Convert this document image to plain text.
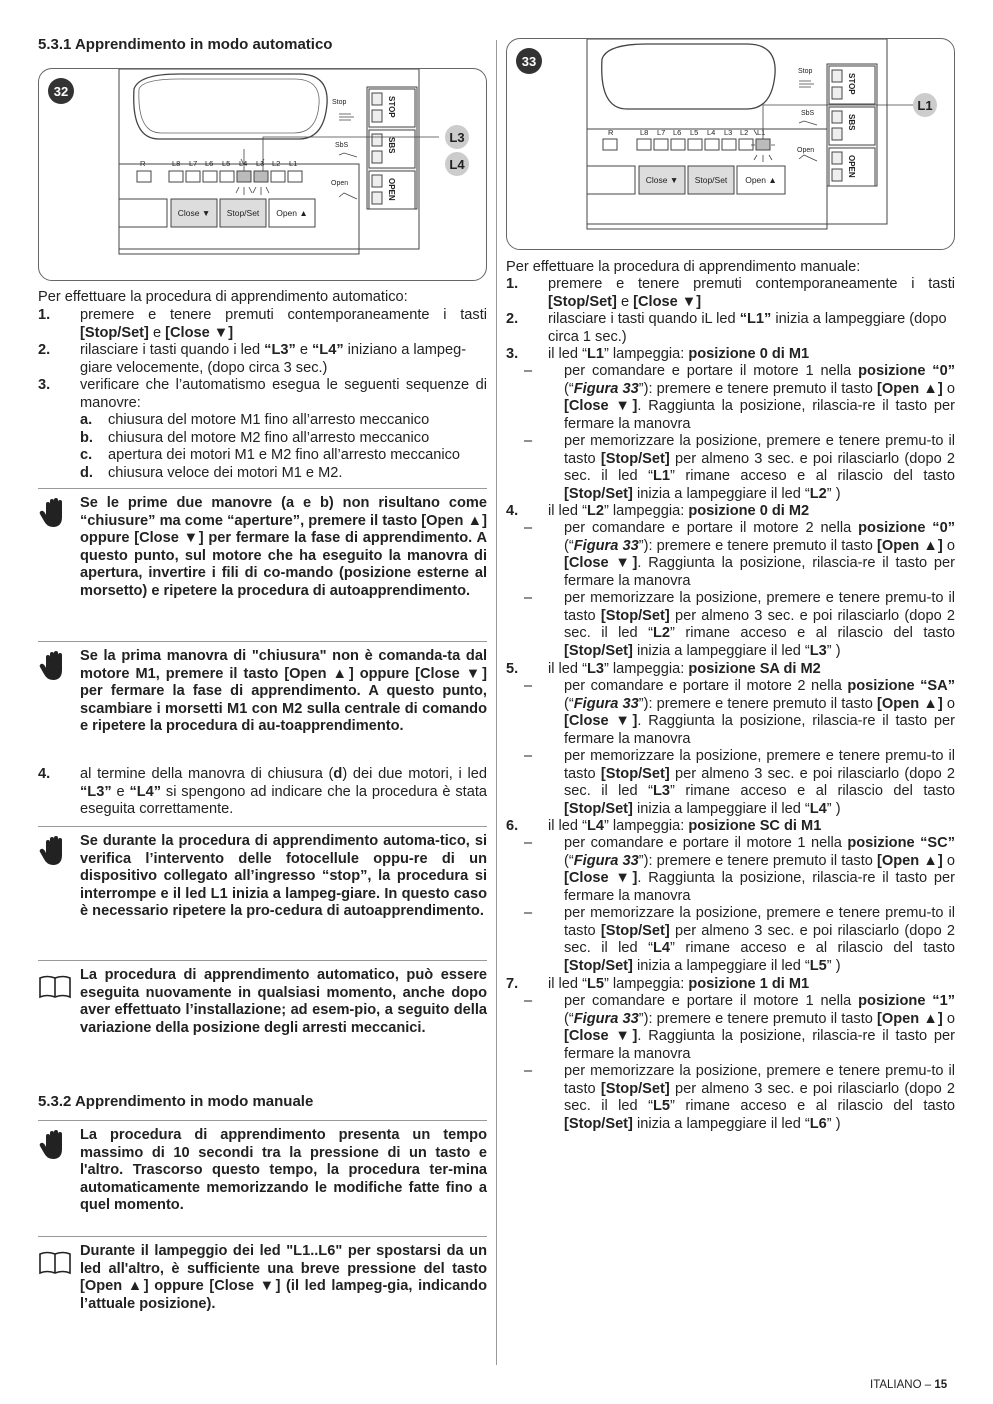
5.3.1 Apprendimento in modo automatico
Stop
SbS
Open
STOP
SBS
OPEN
R	L8 L7 L6 L5 L4 L3 L2 L1
Close ▼ Stop/Set Open ▲
32
L3
L4
Per effettuare la procedura di apprendimento automatico:
1. premere e tenere premuti contemporaneamente i tasti [Stop/Set] e [Close ▼]
2. rilasciare i tasti quando i led “L3” e “L4” iniziano a lampeg-giare velocemente, (dopo circa 3 sec.)
3. verificare che l’automatismo esegua le seguenti sequenze di manovre:
a. chiusura del motore M1 fino all’arresto meccanico
b. chiusura del motore M2 fino all’arresto meccanico
c. apertura dei motori M1 e M2 fino all’arresto meccanico
d. chiusura veloce dei motori M1 e M2.
Se le prime due manovre (a e b) non risultano come “chiusure” ma come “aperture”, premere il tasto [Open ▲] oppure [Close ▼] per fermare la fase di apprendimento. A questo punto, sul motore che ha eseguito la manovra di apertura, invertire i fili di co-mando (posizione esterne al morsetto) e ripetere la procedura di autoapprendimento.
Se la prima manovra di "chiusura" non è comanda-ta dal motore M1, premere il tasto [Open ▲] oppure [Close ▼] per fermare la fase di apprendimento. A questo punto, scambiare i morsetti M1 con M2 sulla centrale di comando e ripetere la procedura di au-toapprendimento.
4. al termine della manovra di chiusura (d) dei due motori, i led “L3” e “L4” si spengono ad indicare che la procedura è stata eseguita correttamente.
Se durante la procedura di apprendimento automa-tico, si verifica l’intervento delle fotocellule oppu-re di un dispositivo collegato all’ingresso “stop”, la procedura si interrompe e il led L1 inizia a lampeg-giare. In questo caso è necessario ripetere la pro-cedura di autoapprendimento.
La procedura di apprendimento automatico, può essere eseguita nuovamente in qualsiasi momento, anche dopo aver effettuato l’installazione; ad esem-pio, a seguito della variazione della posizione degli arresti meccanici.
5.3.2 Apprendimento in modo manuale
La procedura di apprendimento presenta un tempo massimo di 10 secondi tra la pressione di un tasto e l'altro. Trascorso questo tempo, la procedura ter-mina automaticamente memorizzando le modifiche fatte fino a quel momento.
Durante il lampeggio dei led "L1..L6" per spostarsi da un led all'altro, è sufficiente una breve pressione del tasto [Open ▲] oppure [Close ▼] (il led lampeg-gia, indicando l’attuale posizione).
Stop
SbS
Open
STOP
SBS
OPEN
R	L8 L7 L6 L5 L4 L3 L2 L1
Close ▼ Stop/Set Open ▲
33
L1
Per effettuare la procedura di apprendimento manuale:
1. premere e tenere premuti contemporaneamente i tasti [Stop/Set] e [Close ▼]
2. rilasciare i tasti quando iL led “L1” inizia a lampeggiare (dopo circa 1 sec.)
3. il led “L1” lampeggia: posizione 0 di M1
– per comandare e portare il motore 1 nella posizione “0” (“Figura 33”): premere e tenere premuto il tasto [Open ▲] o [Close ▼]. Raggiunta la posizione, rilascia-re il tasto per fermare la manovra
– per memorizzare la posizione, premere e tenere premu-to il tasto [Stop/Set] per almeno 3 sec. e poi rilasciarlo (dopo 2 sec. il led “L1” rimane acceso e al rilascio del tasto [Stop/Set] inizia a lampeggiare il led “L2” )
4. il led “L2” lampeggia: posizione 0 di M2
– per comandare e portare il motore 2 nella posizione “0” (“Figura 33”): premere e tenere premuto il tasto [Open ▲] o [Close ▼]. Raggiunta la posizione, rilascia-re il tasto per fermare la manovra
– per memorizzare la posizione, premere e tenere premu-to il tasto [Stop/Set] per almeno 3 sec. e poi rilasciarlo (dopo 2 sec. il led “L2” rimane acceso e al rilascio del tasto [Stop/Set] inizia a lampeggiare il led “L3” )
5. il led “L3” lampeggia: posizione SA di M2
– per comandare e portare il motore 2 nella posizione “SA” (“Figura 33”): premere e tenere premuto il tasto [Open ▲] o [Close ▼]. Raggiunta la posizione, rilascia-re il tasto per fermare la manovra
– per memorizzare la posizione, premere e tenere premu-to il tasto [Stop/Set] per almeno 3 sec. e poi rilasciarlo (dopo 2 sec. il led “L3” rimane acceso e al rilascio del tasto [Stop/Set] inizia a lampeggiare il led “L4” )
6. il led “L4” lampeggia: posizione SC di M1
– per comandare e portare il motore 1 nella posizione “SC” (“Figura 33”): premere e tenere premuto il tasto [Open ▲] o [Close ▼]. Raggiunta la posizione, rilascia-re il tasto per fermare la manovra
– per memorizzare la posizione, premere e tenere premu-to il tasto [Stop/Set] per almeno 3 sec. e poi rilasciarlo (dopo 2 sec. il led “L4” rimane acceso e al rilascio del tasto [Stop/Set] inizia a lampeggiare il led “L5” )
7. il led “L5” lampeggia: posizione 1 di M1
– per comandare e portare il motore 1 nella posizione “1” (“Figura 33”): premere e tenere premuto il tasto [Open ▲] o [Close ▼]. Raggiunta la posizione, rilascia-re il tasto per fermare la manovra
– per memorizzare la posizione, premere e tenere premu-to il tasto [Stop/Set] per almeno 3 sec. e poi rilasciarlo (dopo 2 sec. il led “L5” rimane acceso e al rilascio del tasto [Stop/Set] inizia a lampeggiare il led “L6” )
ITALIANO – 15
